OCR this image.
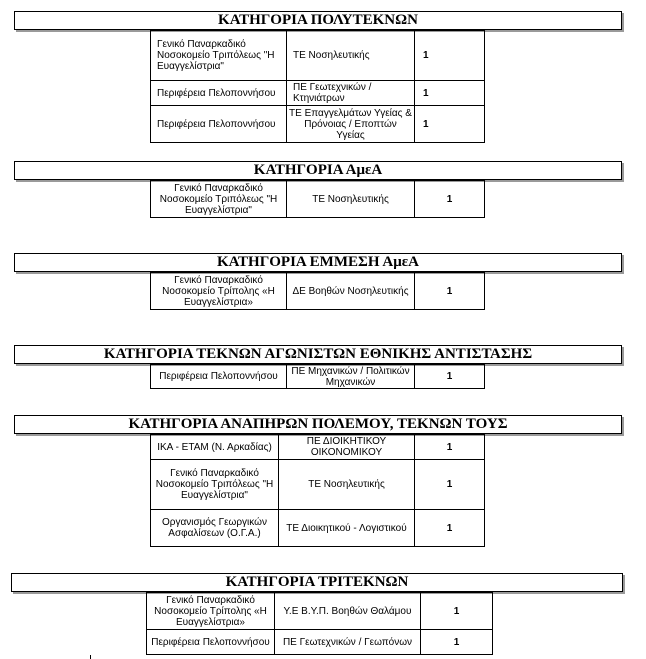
ΚΑΤΗΓΟΡΙΑ ΠΟΛΥΤΕΚΝΩΝ
Γενικό Παναρκαδικό Νοσοκομείο Τριπόλεως "Η Ευαγγελίστρια"	ΤΕ Νοσηλευτικής	1
Περιφέρεια Πελοποννήσου	ΠΕ Γεωτεχνικών / Κτηνιάτρων	1
Περιφέρεια Πελοποννήσου	ΤΕ Επαγγελμάτων Υγείας & Πρόνοιας / Εποπτών Υγείας	1
ΚΑΤΗΓΟΡΙΑ ΑμεΑ
Γενικό Παναρκαδικό Νοσοκομείο Τριπόλεως "Η Ευαγγελίστρια"	ΤΕ Νοσηλευτικής	1
ΚΑΤΗΓΟΡΙΑ ΕΜΜΕΣΗ ΑμεΑ
Γενικό Παναρκαδικό Νοσοκομείο Τρίπολης «Η Ευαγγελίστρια»	ΔΕ Βοηθών Νοσηλευτικής	1
ΚΑΤΗΓΟΡΙΑ ΤΕΚΝΩΝ ΑΓΩΝΙΣΤΩΝ ΕΘΝΙΚΗΣ ΑΝΤΙΣΤΑΣΗΣ
Περιφέρεια Πελοποννήσου	ΠΕ Μηχανικών / Πολιτικών Μηχανικών	1
ΚΑΤΗΓΟΡΙΑ ΑΝΑΠΗΡΩΝ ΠΟΛΕΜΟΥ, ΤΕΚΝΩΝ ΤΟΥΣ
ΙΚΑ - ΕΤΑΜ (Ν. Αρκαδίας)	ΠΕ ΔΙΟΙΚΗΤΙΚΟΥ ΟΙΚΟΝΟΜΙΚΟΥ	1
Γενικό Παναρκαδικό Νοσοκομείο Τριπόλεως "Η Ευαγγελίστρια"	ΤΕ Νοσηλευτικής	1
Οργανισμός Γεωργικών Ασφαλίσεων (Ο.Γ.Α.)	ΤΕ Διοικητικού - Λογιστικού	1
ΚΑΤΗΓΟΡΙΑ ΤΡΙΤΕΚΝΩΝ
Γενικό Παναρκαδικό Νοσοκομείο Τρίπολης «Η Ευαγγελίστρια»	Υ.Ε Β.Υ.Π. Βοηθών Θαλάμου	1
Περιφέρεια Πελοποννήσου	ΠΕ Γεωτεχνικών / Γεωπόνων	1
